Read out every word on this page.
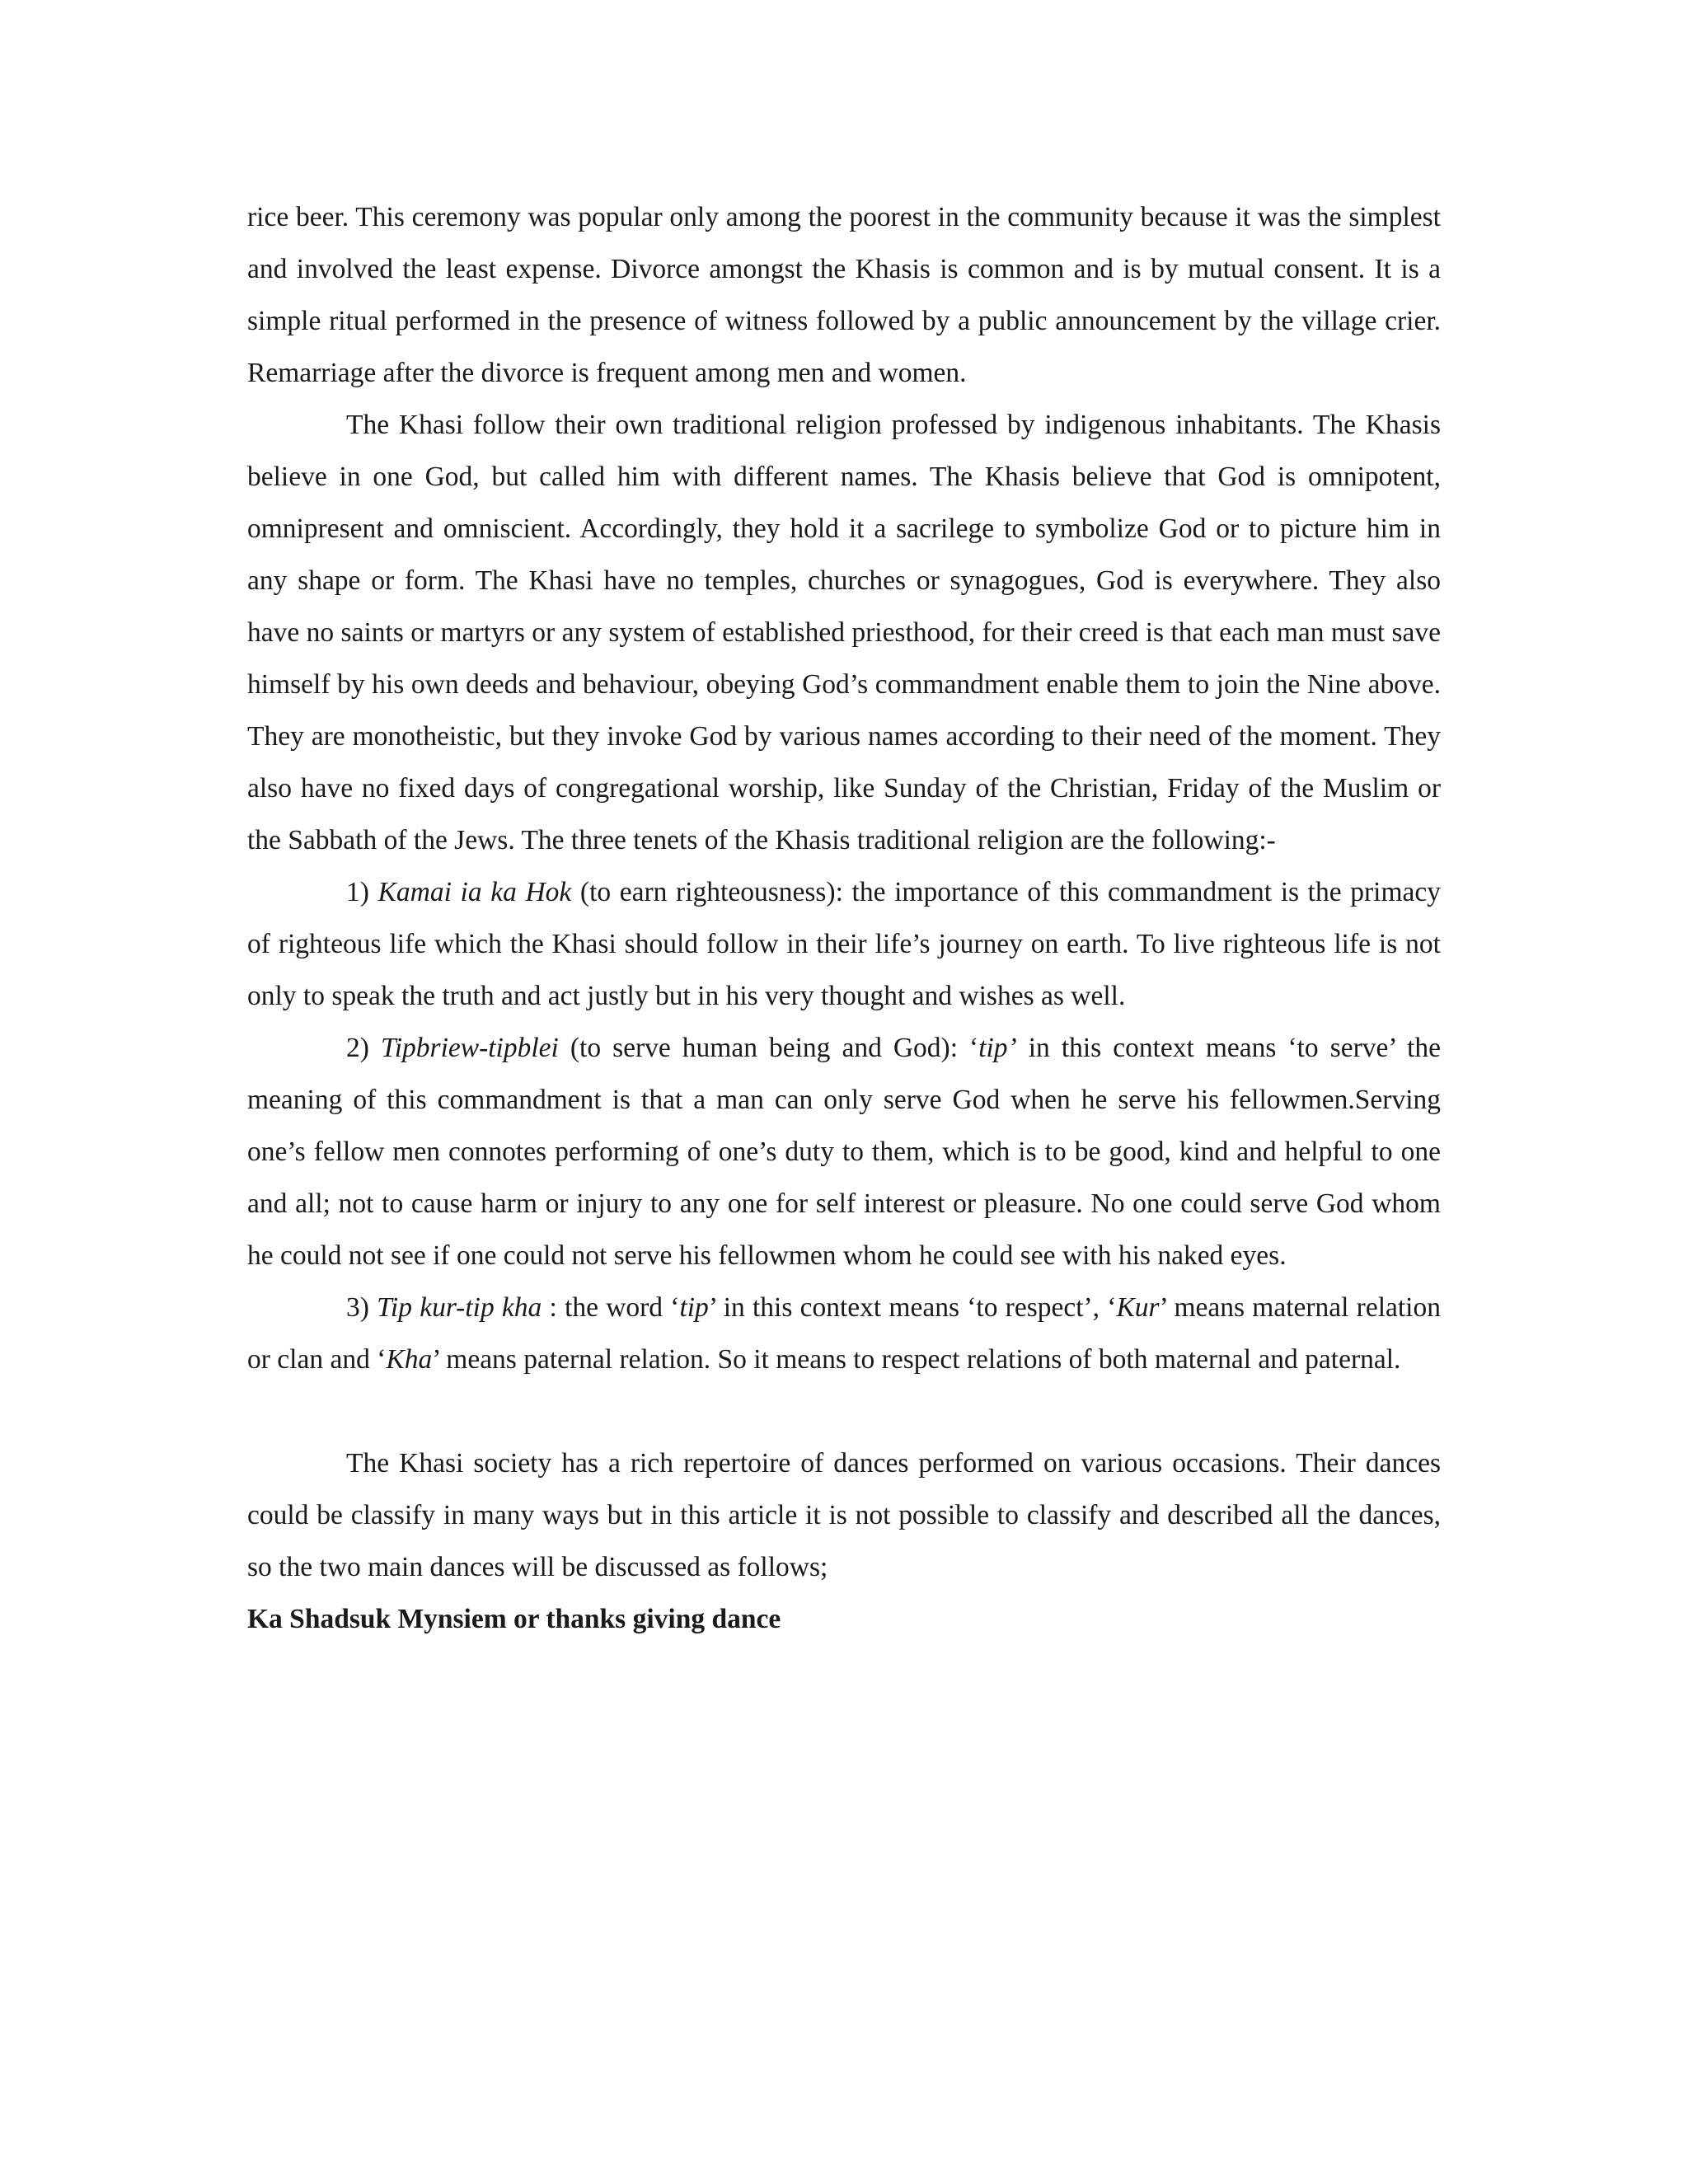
rice beer. This ceremony was popular only among the poorest in the community because it was the simplest and involved the least expense. Divorce amongst the Khasis is common and is by mutual consent. It is a simple ritual performed in the presence of witness followed by a public announcement by the village crier. Remarriage after the divorce is frequent among men and women.

The Khasi follow their own traditional religion professed by indigenous inhabitants. The Khasis believe in one God, but called him with different names. The Khasis believe that God is omnipotent, omnipresent and omniscient. Accordingly, they hold it a sacrilege to symbolize God or to picture him in any shape or form. The Khasi have no temples, churches or synagogues, God is everywhere. They also have no saints or martyrs or any system of established priesthood, for their creed is that each man must save himself by his own deeds and behaviour, obeying God’s commandment enable them to join the Nine above. They are monotheistic, but they invoke God by various names according to their need of the moment. They also have no fixed days of congregational worship, like Sunday of the Christian, Friday of the Muslim or the Sabbath of the Jews. The three tenets of the Khasis traditional religion are the following:-

1) Kamai ia ka Hok (to earn righteousness): the importance of this commandment is the primacy of righteous life which the Khasi should follow in their life’s journey on earth. To live righteous life is not only to speak the truth and act justly but in his very thought and wishes as well.

2) Tipbriew-tipblei (to serve human being and God): ‘tip’ in this context means ‘to serve’ the meaning of this commandment is that a man can only serve God when he serve his fellowmen.Serving one’s fellow men connotes performing of one’s duty to them, which is to be good, kind and helpful to one and all; not to cause harm or injury to any one for self interest or pleasure. No one could serve God whom he could not see if one could not serve his fellowmen whom he could see with his naked eyes.

3) Tip kur-tip kha : the word ‘tip’ in this context means ‘to respect’, ‘Kur’ means maternal relation or clan and ‘Kha’ means paternal relation. So it means to respect relations of both maternal and paternal.

The Khasi society has a rich repertoire of dances performed on various occasions. Their dances could be classify in many ways but in this article it is not possible to classify and described all the dances, so the two main dances will be discussed as follows;

Ka Shadsuk Mynsiem or thanks giving dance
